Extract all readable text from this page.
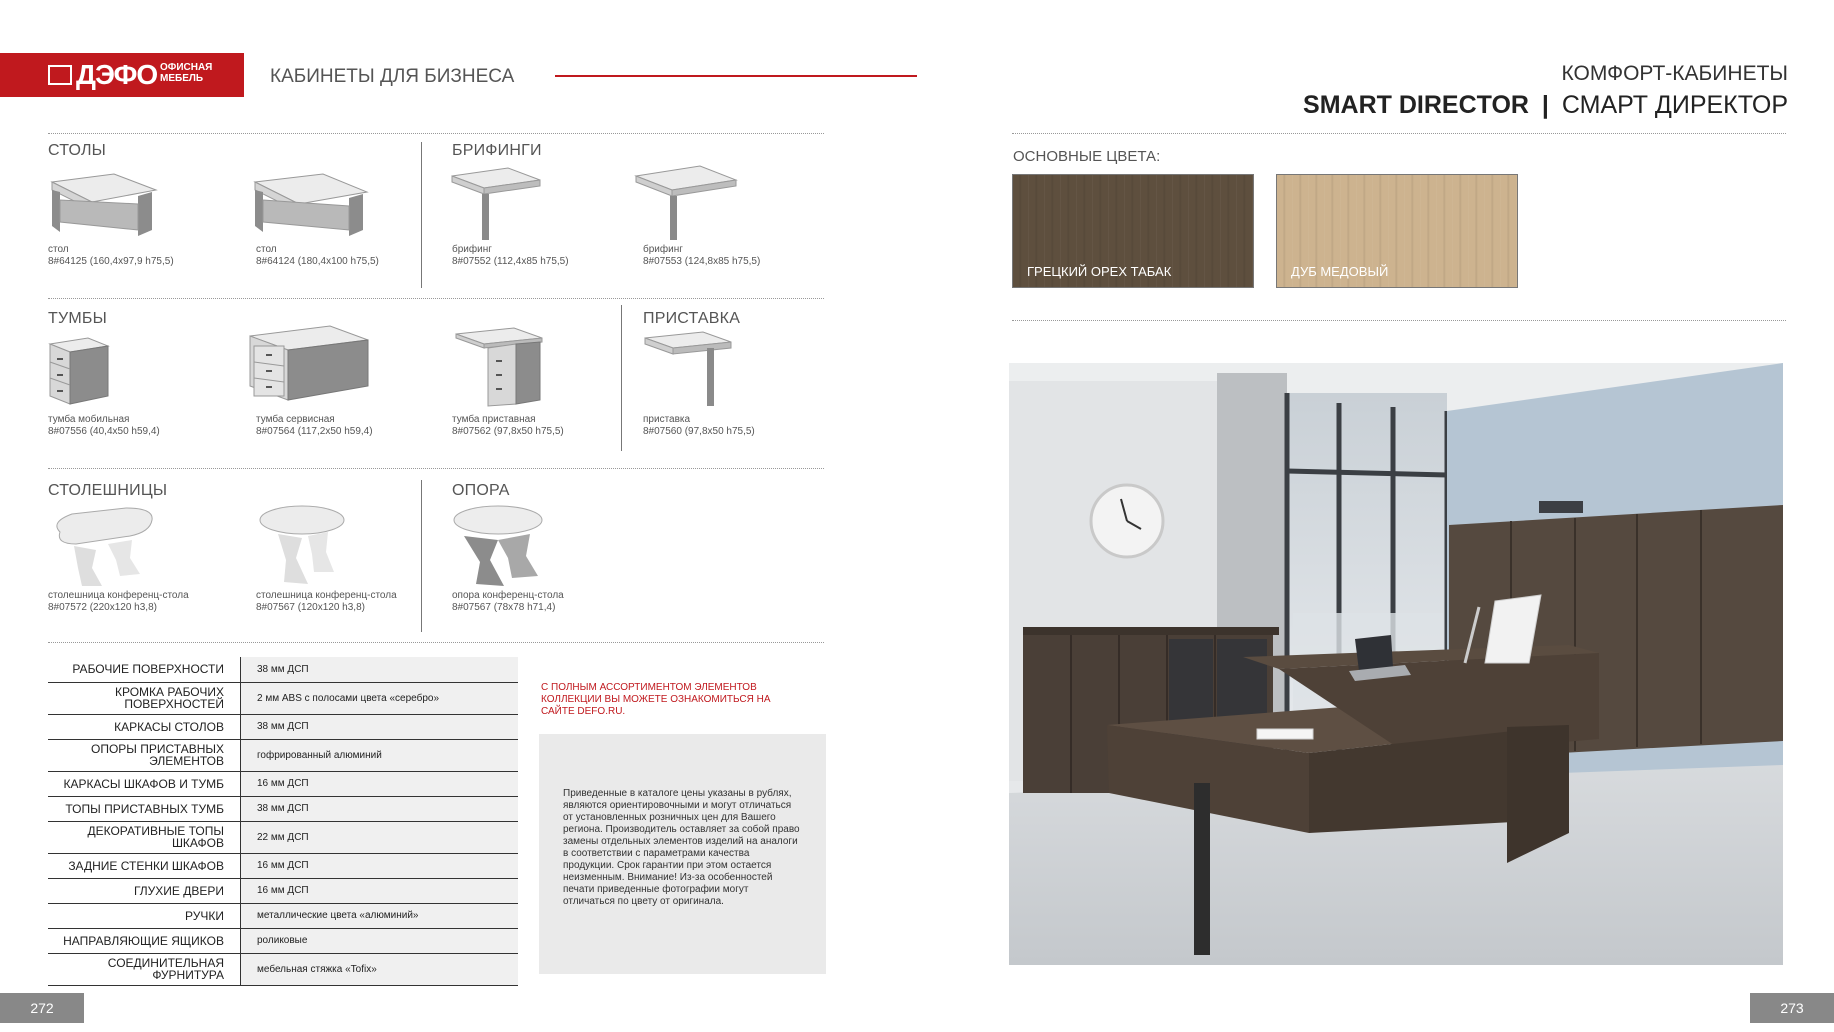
ДЭФО ОФИСНАЯ
МЕБЕЛЬ	КАБИНЕТЫ ДЛЯ БИЗНЕСА	КОМФОРТ-КАБИНЕТЫ
SMART DIRECTOR | СМАРТ ДИРЕКТОР
СТОЛЫ
стол
8#64125 (160,4x97,9 h75,5)
стол
8#64124 (180,4x100 h75,5)
БРИФИНГИ
брифинг
8#07552 (112,4x85 h75,5)
брифинг
8#07553 (124,8x85 h75,5)
ТУМБЫ
тумба мобильная
8#07556 (40,4x50 h59,4)
тумба сервисная
8#07564 (117,2x50 h59,4)
тумба приставная
8#07562 (97,8x50 h75,5)
ПРИСТАВКА
приставка
8#07560 (97,8x50 h75,5)
СТОЛЕШНИЦЫ
столешница конференц-стола
8#07572 (220x120 h3,8)
столешница конференц-стола
8#07567 (120x120 h3,8)
ОПОРА
опора конференц-стола
8#07567 (78x78 h71,4)
РАБОЧИЕ ПОВЕРХНОСТИ	38 мм ДСП
КРОМКА РАБОЧИХ ПОВЕРХНОСТЕЙ	2 мм ABS с полосами цвета «серебро»
КАРКАСЫ СТОЛОВ	38 мм ДСП
ОПОРЫ ПРИСТАВНЫХ ЭЛЕМЕНТОВ	гофрированный алюминий
КАРКАСЫ ШКАФОВ И ТУМБ	16 мм ДСП
ТОПЫ ПРИСТАВНЫХ ТУМБ	38 мм ДСП
ДЕКОРАТИВНЫЕ ТОПЫ ШКАФОВ	22 мм ДСП
ЗАДНИЕ СТЕНКИ ШКАФОВ	16 мм ДСП
ГЛУХИЕ ДВЕРИ	16 мм ДСП
РУЧКИ	металлические цвета «алюминий»
НАПРАВЛЯЮЩИЕ ЯЩИКОВ	роликовые
СОЕДИНИТЕЛЬНАЯ ФУРНИТУРА	мебельная стяжка «Tofix»
С ПОЛНЫМ АССОРТИМЕНТОМ ЭЛЕМЕНТОВ КОЛЛЕКЦИИ ВЫ МОЖЕТЕ ОЗНАКОМИТЬСЯ НА САЙТЕ DEFO.RU.
Приведенные в каталоге цены указаны в рублях, являются ориентировочными и могут отличаться от установленных розничных цен для Вашего региона. Производитель оставляет за собой право замены отдельных элементов изделий на аналоги в соответствии с параметрами качества продукции. Срок гарантии при этом остается неизменным. Внимание! Из-за особенностей печати приведенные фотографии могут отличаться по цвету от оригинала.
272	273
ОСНОВНЫЕ ЦВЕТА:
ГРЕЦКИЙ ОРЕХ ТАБАК	ДУБ МЕДОВЫЙ
